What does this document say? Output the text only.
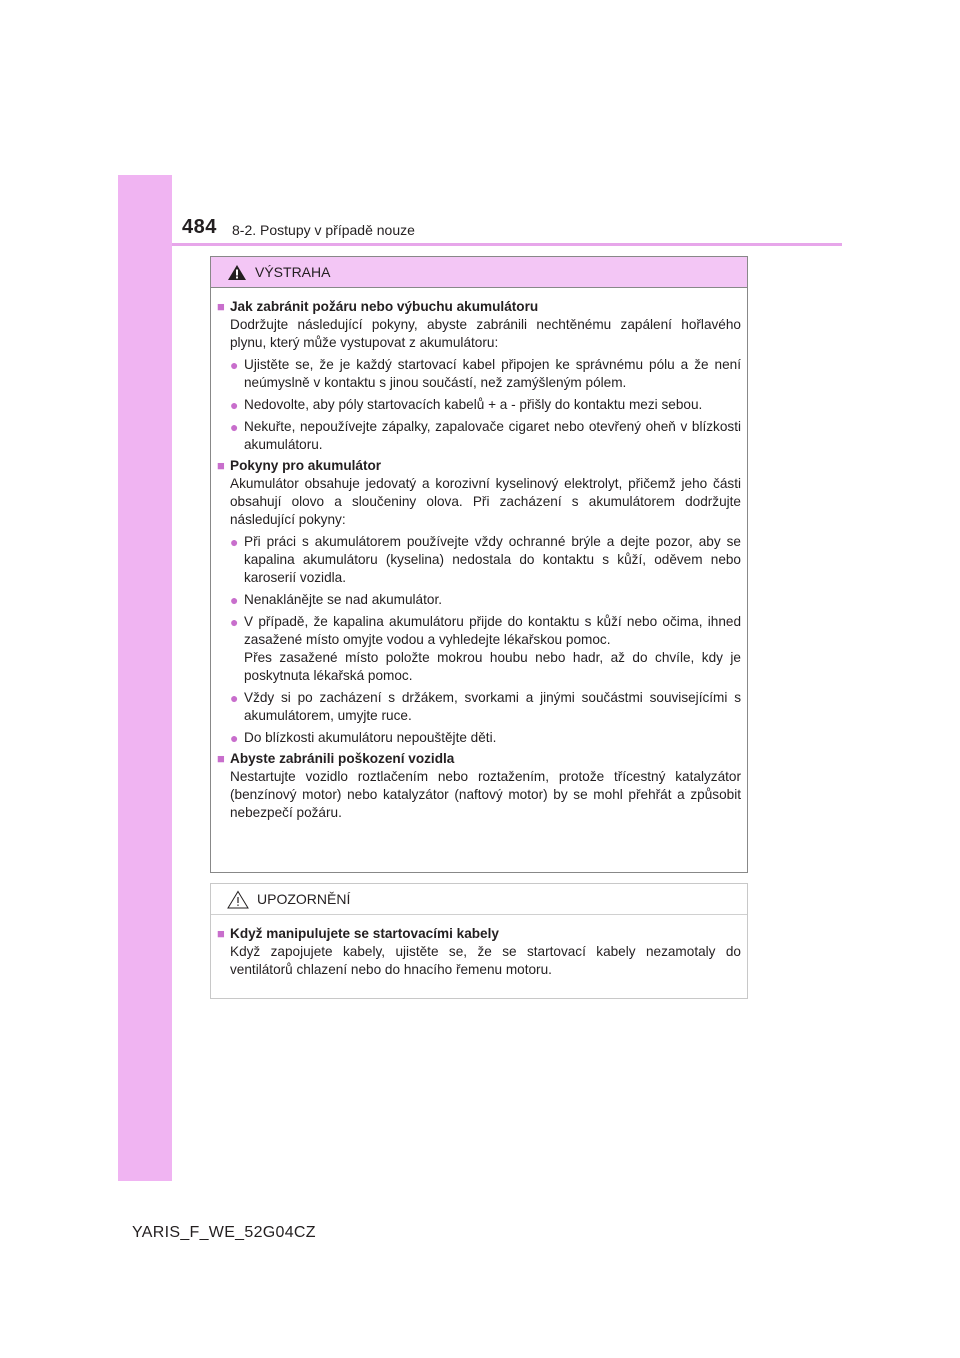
484 8-2. Postupy v případě nouze
VÝSTRAHA
■ Jak zabránit požáru nebo výbuchu akumulátoru
Dodržujte následující pokyny, abyste zabránili nechtěnému zapálení hořlavého plynu, který může vystupovat z akumulátoru:
● Ujistěte se, že je každý startovací kabel připojen ke správnému pólu a že není neúmyslně v kontaktu s jinou součástí, než zamýšleným pólem.
● Nedovolte, aby póly startovacích kabelů + a - přišly do kontaktu mezi sebou.
● Nekuřte, nepoužívejte zápalky, zapalovače cigaret nebo otevřený oheň v blízkosti akumulátoru.
■ Pokyny pro akumulátor
Akumulátor obsahuje jedovatý a korozivní kyselinový elektrolyt, přičemž jeho části obsahují olovo a sloučeniny olova. Při zacházení s akumulátorem dodržujte následující pokyny:
● Při práci s akumulátorem používejte vždy ochranné brýle a dejte pozor, aby se kapalina akumulátoru (kyselina) nedostala do kontaktu s kůží, oděvem nebo karoserií vozidla.
● Nenaklánějte se nad akumulátor.
● V případě, že kapalina akumulátoru přijde do kontaktu s kůží nebo očima, ihned zasažené místo omyjte vodou a vyhledejte lékařskou pomoc.
Přes zasažené místo položte mokrou houbu nebo hadr, až do chvíle, kdy je poskytnuta lékařská pomoc.
● Vždy si po zacházení s držákem, svorkami a jinými součástmi souvisejícími s akumulátorem, umyjte ruce.
● Do blízkosti akumulátoru nepouštějte děti.
■ Abyste zabránili poškození vozidla
Nestartujte vozidlo roztlačením nebo roztažením, protože třícestný katalyzátor (benzínový motor) nebo katalyzátor (naftový motor) by se mohl přehřát a způsobit nebezpečí požáru.
UPOZORNĚNÍ
■ Když manipulujete se startovacími kabely
Když zapojujete kabely, ujistěte se, že se startovací kabely nezamotaly do ventilátorů chlazení nebo do hnacího řemenu motoru.
YARIS_F_WE_52G04CZ
